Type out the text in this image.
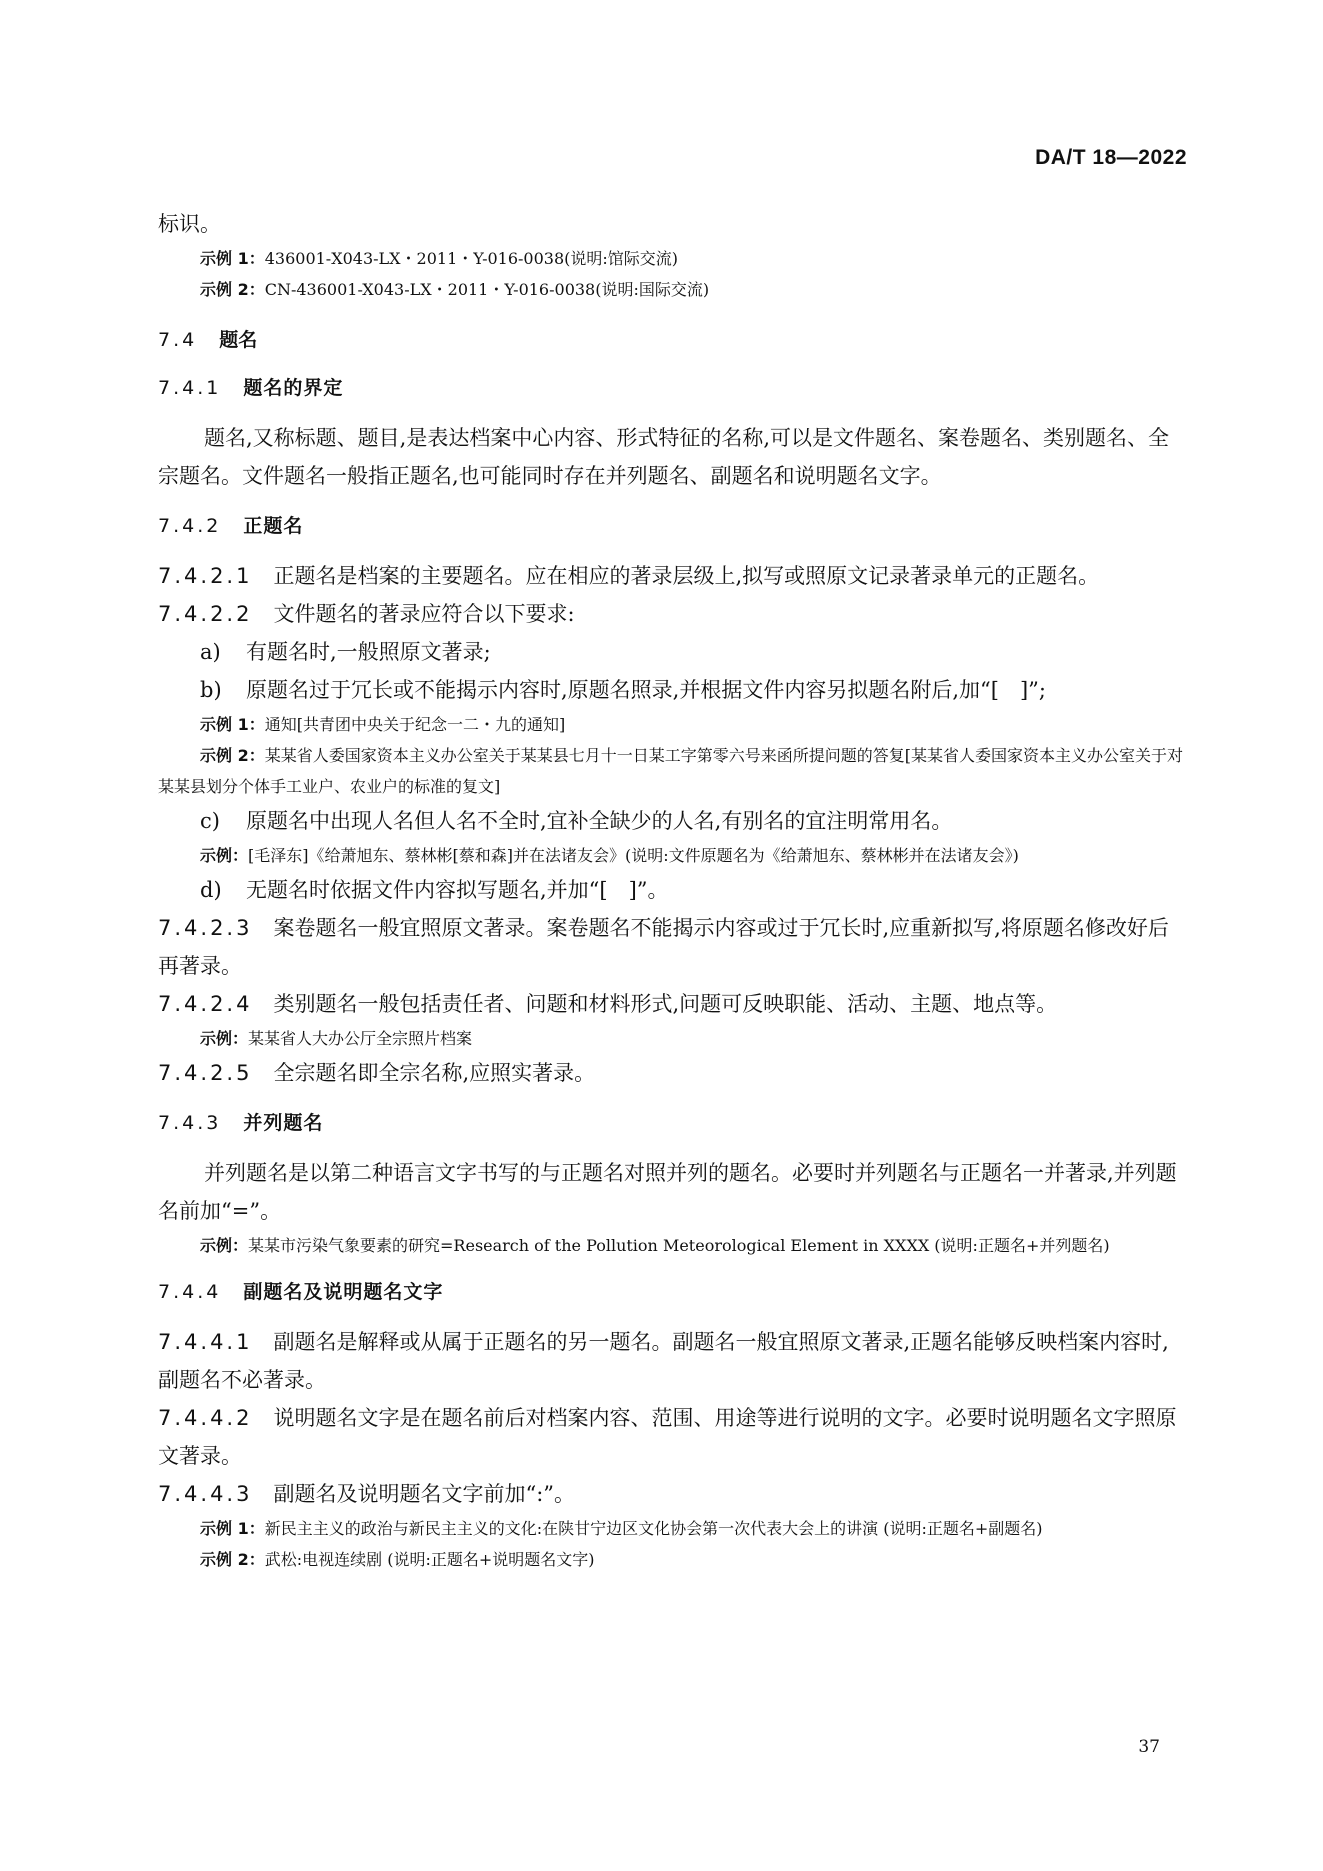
DA/T 18—2022

标识。

示例 1：436001-X043-LX・2011・Y-016-0038(说明:馆际交流)

示例 2：CN-436001-X043-LX・2011・Y-016-0038(说明:国际交流)

7.4 题名
7.4.1 题名的界定

题名,又称标题、题目,是表达档案中心内容、形式特征的名称,可以是文件题名、案卷题名、类别题名、全宗题名。文件题名一般指正题名,也可能同时存在并列题名、副题名和说明题名文字。

7.4.2 正题名

7.4.2.1　 正题名是档案的主要题名。应在相应的著录层级上,拟写或照原文记录著录单元的正题名。

7.4.2.2　 文件题名的著录应符合以下要求:

a) 有题名时,一般照原文著录;

b) 原题名过于冗长或不能揭示内容时,原题名照录,并根据文件内容另拟题名附后,加“[　]”;

示例 1：通知[共青团中央关于纪念一二・九的通知]

示例 2：某某省人委国家资本主义办公室关于某某县七月十一日某工字第零六号来函所提问题的答复[某某省人委国家资本主义办公室关于对某某县划分个体手工业户、农业户的标准的复文]

c) 原题名中出现人名但人名不全时,宜补全缺少的人名,有别名的宜注明常用名。

示例：[毛泽东]《给萧旭东、蔡林彬[蔡和森]并在法诸友会》(说明:文件原题名为《给萧旭东、蔡林彬并在法诸友会》)

d) 无题名时依据文件内容拟写题名,并加“[　]”。

7.4.2.3　 案卷题名一般宜照原文著录。案卷题名不能揭示内容或过于冗长时,应重新拟写,将原题名修改好后再著录。

7.4.2.4　 类别题名一般包括责任者、问题和材料形式,问题可反映职能、活动、主题、地点等。

示例：某某省人大办公厅全宗照片档案

7.4.2.5　 全宗题名即全宗名称,应照实著录。

7.4.3 并列题名

并列题名是以第二种语言文字书写的与正题名对照并列的题名。必要时并列题名与正题名一并著录,并列题名前加“=”。

示例：某某市污染气象要素的研究=Research of the Pollution Meteorological Element in XXXX (说明:正题名+并列题名)

7.4.4 副题名及说明题名文字

7.4.4.1　 副题名是解释或从属于正题名的另一题名。副题名一般宜照原文著录,正题名能够反映档案内容时,副题名不必著录。

7.4.4.2　 说明题名文字是在题名前后对档案内容、范围、用途等进行说明的文字。必要时说明题名文字照原文著录。

7.4.4.3　 副题名及说明题名文字前加“:”。

示例 1：新民主主义的政治与新民主主义的文化:在陕甘宁边区文化协会第一次代表大会上的讲演 (说明:正题名+副题名)

示例 2：武松:电视连续剧 (说明:正题名+说明题名文字)

37
